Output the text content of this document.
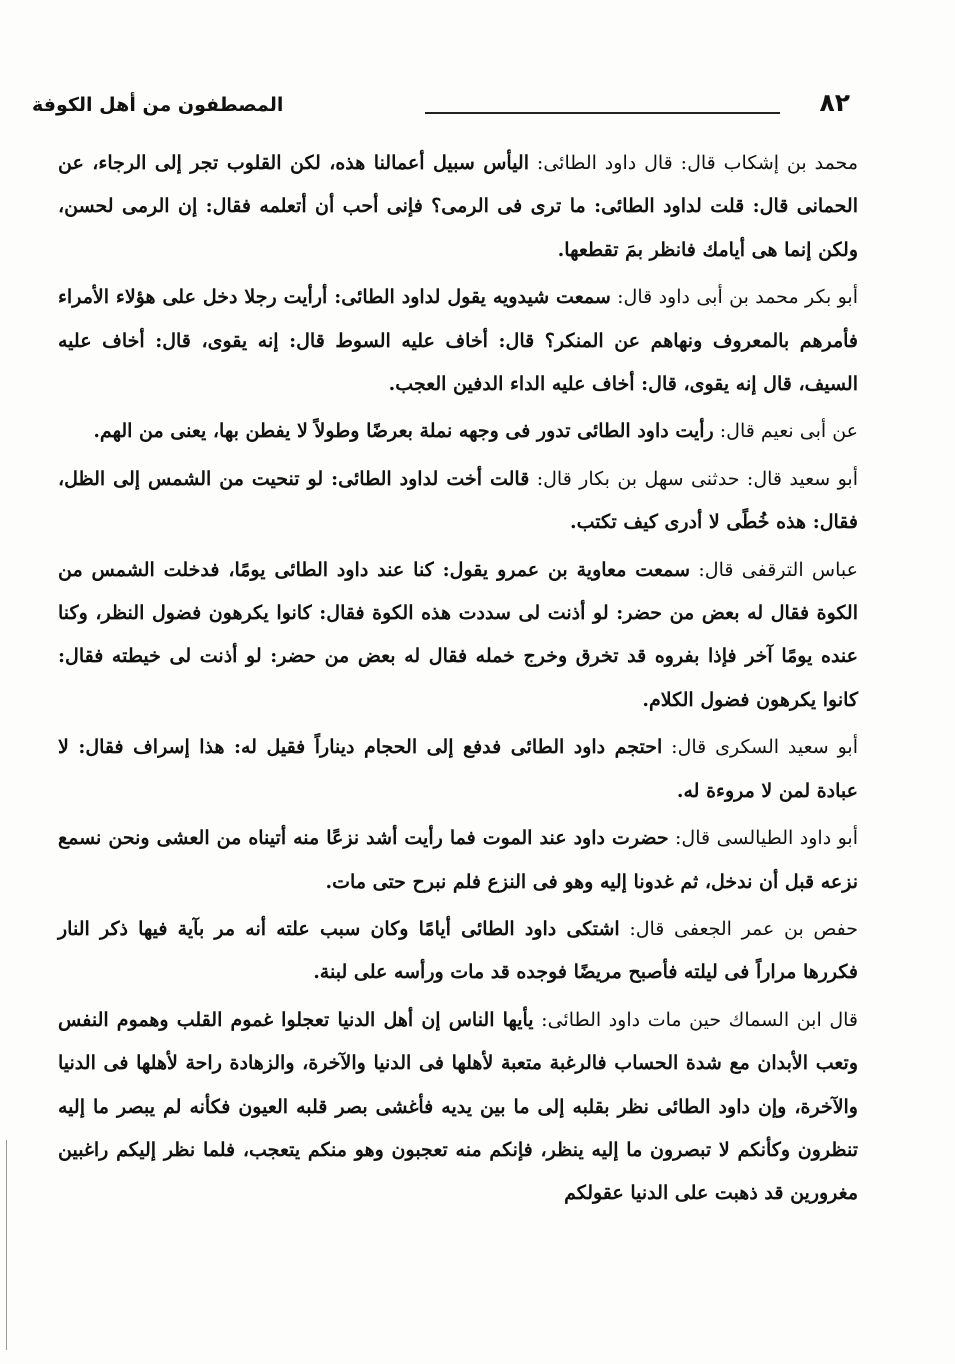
٨٢
المصطفون من أهل الكوفة

محمد بن إشكاب قال: قال داود الطائى: اليأس سبيل أعمالنا هذه، لكن القلوب تجر إلى الرجاء، عن الحمانى قال: قلت لداود الطائى: ما ترى فى الرمى؟ فإنى أحب أن أتعلمه فقال: إن الرمى لحسن، ولكن إنما هى أيامك فانظر بمَ تقطعها.

أبو بكر محمد بن أبى داود قال: سمعت شيدويه يقول لداود الطائى: أرأيت رجلا دخل على هؤلاء الأمراء فأمرهم بالمعروف ونهاهم عن المنكر؟ قال: أخاف عليه السوط قال: إنه يقوى، قال: أخاف عليه السيف، قال إنه يقوى، قال: أخاف عليه الداء الدفين العجب.

عن أبى نعيم قال: رأيت داود الطائى تدور فى وجهه نملة بعرضًا وطولاً لا يفطن بها، يعنى من الهم.

أبو سعيد قال: حدثنى سهل بن بكار قال: قالت أخت لداود الطائى: لو تنحيت من الشمس إلى الظل، فقال: هذه خُطًى لا أدرى كيف تكتب.

عباس الترقفى قال: سمعت معاوية بن عمرو يقول: كنا عند داود الطائى يومًا، فدخلت الشمس من الكوة فقال له بعض من حضر: لو أذنت لى سددت هذه الكوة فقال: كانوا يكرهون فضول النظر، وكنا عنده يومًا آخر فإذا بفروه قد تخرق وخرج خمله فقال له بعض من حضر: لو أذنت لى خيطته فقال: كانوا يكرهون فضول الكلام.

أبو سعيد السكرى قال: احتجم داود الطائى فدفع إلى الحجام ديناراً فقيل له: هذا إسراف فقال: لا عبادة لمن لا مروءة له.

أبو داود الطيالسى قال: حضرت داود عند الموت فما رأيت أشد نزعًا منه أتيناه من العشى ونحن نسمع نزعه قبل أن ندخل، ثم غدونا إليه وهو فى النزع فلم نبرح حتى مات.

حفص بن عمر الجعفى قال: اشتكى داود الطائى أيامًا وكان سبب علته أنه مر بآية فيها ذكر النار فكررها مراراً فى ليلته فأصبح مريضًا فوجده قد مات ورأسه على لبنة.

قال ابن السماك حين مات داود الطائى: يأيها الناس إن أهل الدنيا تعجلوا غموم القلب وهموم النفس وتعب الأبدان مع شدة الحساب فالرغبة متعبة لأهلها فى الدنيا والآخرة، والزهادة راحة لأهلها فى الدنيا والآخرة، وإن داود الطائى نظر بقلبه إلى ما بين يديه فأغشى بصر قلبه العيون فكأنه لم يبصر ما إليه تنظرون وكأنكم لا تبصرون ما إليه ينظر، فإنكم منه تعجبون وهو منكم يتعجب، فلما نظر إليكم راغبين مغرورين قد ذهبت على الدنيا عقولكم
